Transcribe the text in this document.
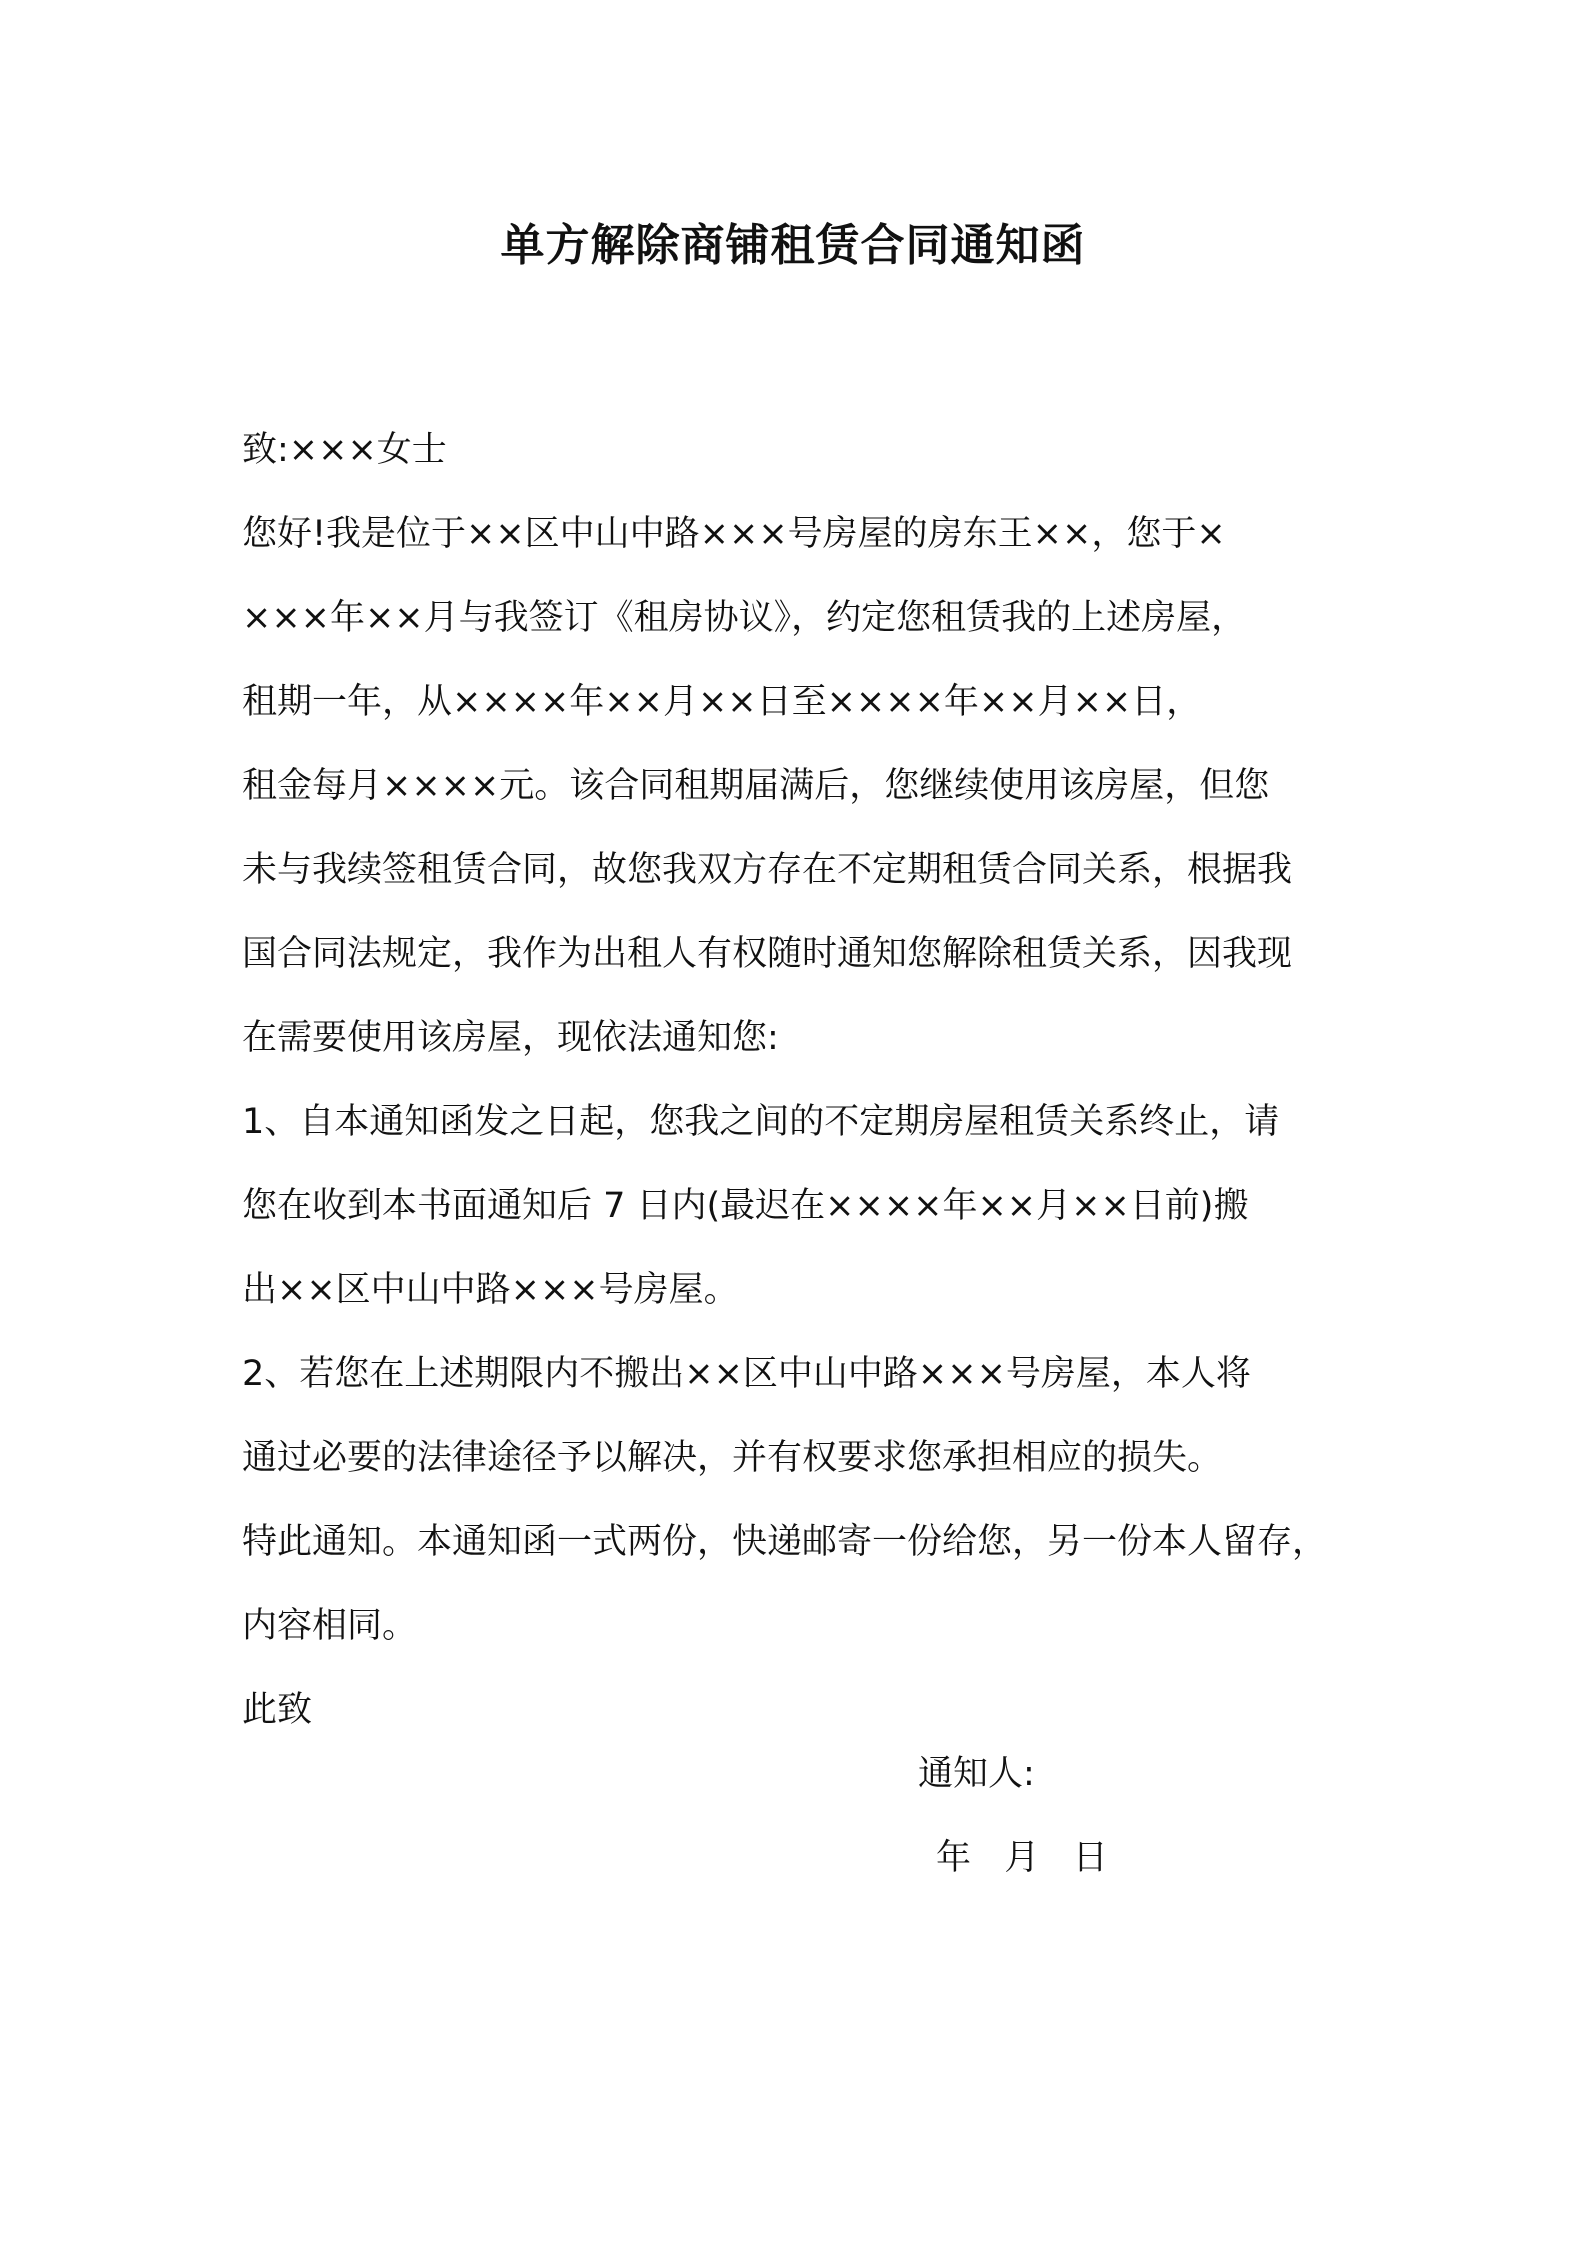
单方解除商铺租赁合同通知函
致:×××女士
您好!我是位于××区中山中路×××号房屋的房东王××，您于×
×××年××月与我签订《租房协议》，约定您租赁我的上述房屋，
租期一年，从××××年××月××日至××××年××月××日，
租金每月××××元。该合同租期届满后，您继续使用该房屋，但您
未与我续签租赁合同，故您我双方存在不定期租赁合同关系，根据我
国合同法规定，我作为出租人有权随时通知您解除租赁关系，因我现
在需要使用该房屋，现依法通知您:
1、自本通知函发之日起，您我之间的不定期房屋租赁关系终止，请
您在收到本书面通知后 7 日内(最迟在××××年××月××日前)搬
出××区中山中路×××号房屋。
2、若您在上述期限内不搬出××区中山中路×××号房屋，本人将
通过必要的法律途径予以解决，并有权要求您承担相应的损失。
特此通知。本通知函一式两份，快递邮寄一份给您，另一份本人留存，
内容相同。
此致
通知人:
年   月   日
